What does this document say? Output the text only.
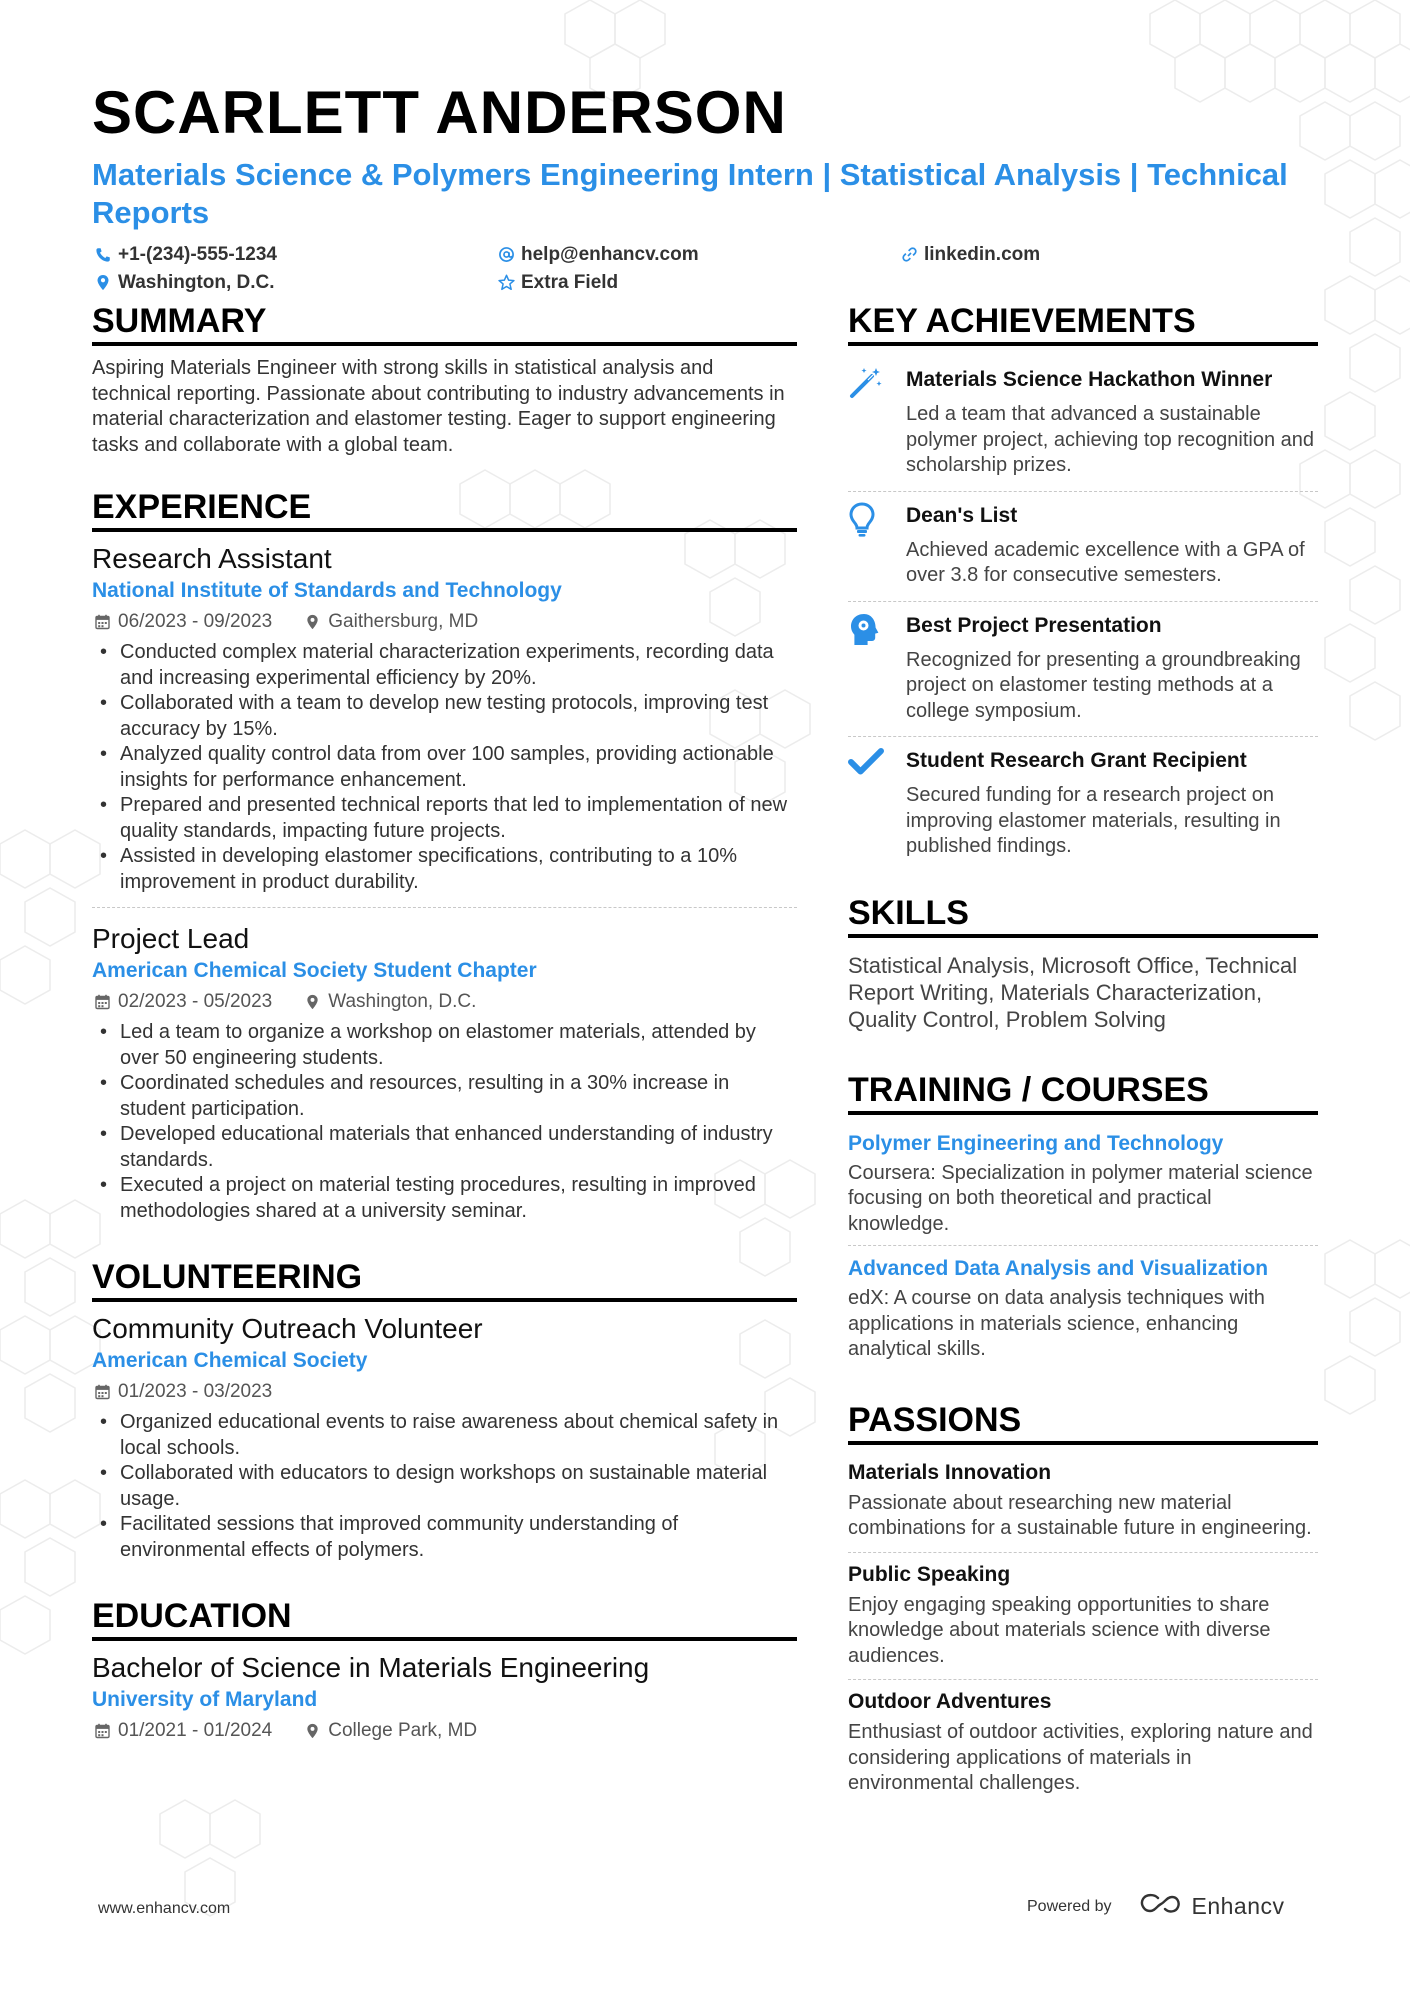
SCARLETT ANDERSON
Materials Science & Polymers Engineering Intern | Statistical Analysis | Technical Reports
+1-(234)-555-1234	help@enhancv.com	linkedin.com
Washington, D.C.	Extra Field
SUMMARY
Aspiring Materials Engineer with strong skills in statistical analysis and technical reporting. Passionate about contributing to industry advancements in material characterization and elastomer testing. Eager to support engineering tasks and collaborate with a global team.
EXPERIENCE
Research Assistant
National Institute of Standards and Technology
06/2023 - 09/2023	Gaithersburg, MD
• Conducted complex material characterization experiments, recording data and increasing experimental efficiency by 20%.
• Collaborated with a team to develop new testing protocols, improving test accuracy by 15%.
• Analyzed quality control data from over 100 samples, providing actionable insights for performance enhancement.
• Prepared and presented technical reports that led to implementation of new quality standards, impacting future projects.
• Assisted in developing elastomer specifications, contributing to a 10% improvement in product durability.
Project Lead
American Chemical Society Student Chapter
02/2023 - 05/2023	Washington, D.C.
• Led a team to organize a workshop on elastomer materials, attended by over 50 engineering students.
• Coordinated schedules and resources, resulting in a 30% increase in student participation.
• Developed educational materials that enhanced understanding of industry standards.
• Executed a project on material testing procedures, resulting in improved methodologies shared at a university seminar.
VOLUNTEERING
Community Outreach Volunteer
American Chemical Society
01/2023 - 03/2023
• Organized educational events to raise awareness about chemical safety in local schools.
• Collaborated with educators to design workshops on sustainable material usage.
• Facilitated sessions that improved community understanding of environmental effects of polymers.
EDUCATION
Bachelor of Science in Materials Engineering
University of Maryland
01/2021 - 01/2024	College Park, MD
KEY ACHIEVEMENTS
Materials Science Hackathon Winner
Led a team that advanced a sustainable polymer project, achieving top recognition and scholarship prizes.
Dean's List
Achieved academic excellence with a GPA of over 3.8 for consecutive semesters.
Best Project Presentation
Recognized for presenting a groundbreaking project on elastomer testing methods at a college symposium.
Student Research Grant Recipient
Secured funding for a research project on improving elastomer materials, resulting in published findings.
SKILLS
Statistical Analysis, Microsoft Office, Technical Report Writing, Materials Characterization, Quality Control, Problem Solving
TRAINING / COURSES
Polymer Engineering and Technology
Coursera: Specialization in polymer material science focusing on both theoretical and practical knowledge.
Advanced Data Analysis and Visualization
edX: A course on data analysis techniques with applications in materials science, enhancing analytical skills.
PASSIONS
Materials Innovation
Passionate about researching new material combinations for a sustainable future in engineering.
Public Speaking
Enjoy engaging speaking opportunities to share knowledge about materials science with diverse audiences.
Outdoor Adventures
Enthusiast of outdoor activities, exploring nature and considering applications of materials in environmental challenges.
www.enhancv.com	Powered by	Enhancv
